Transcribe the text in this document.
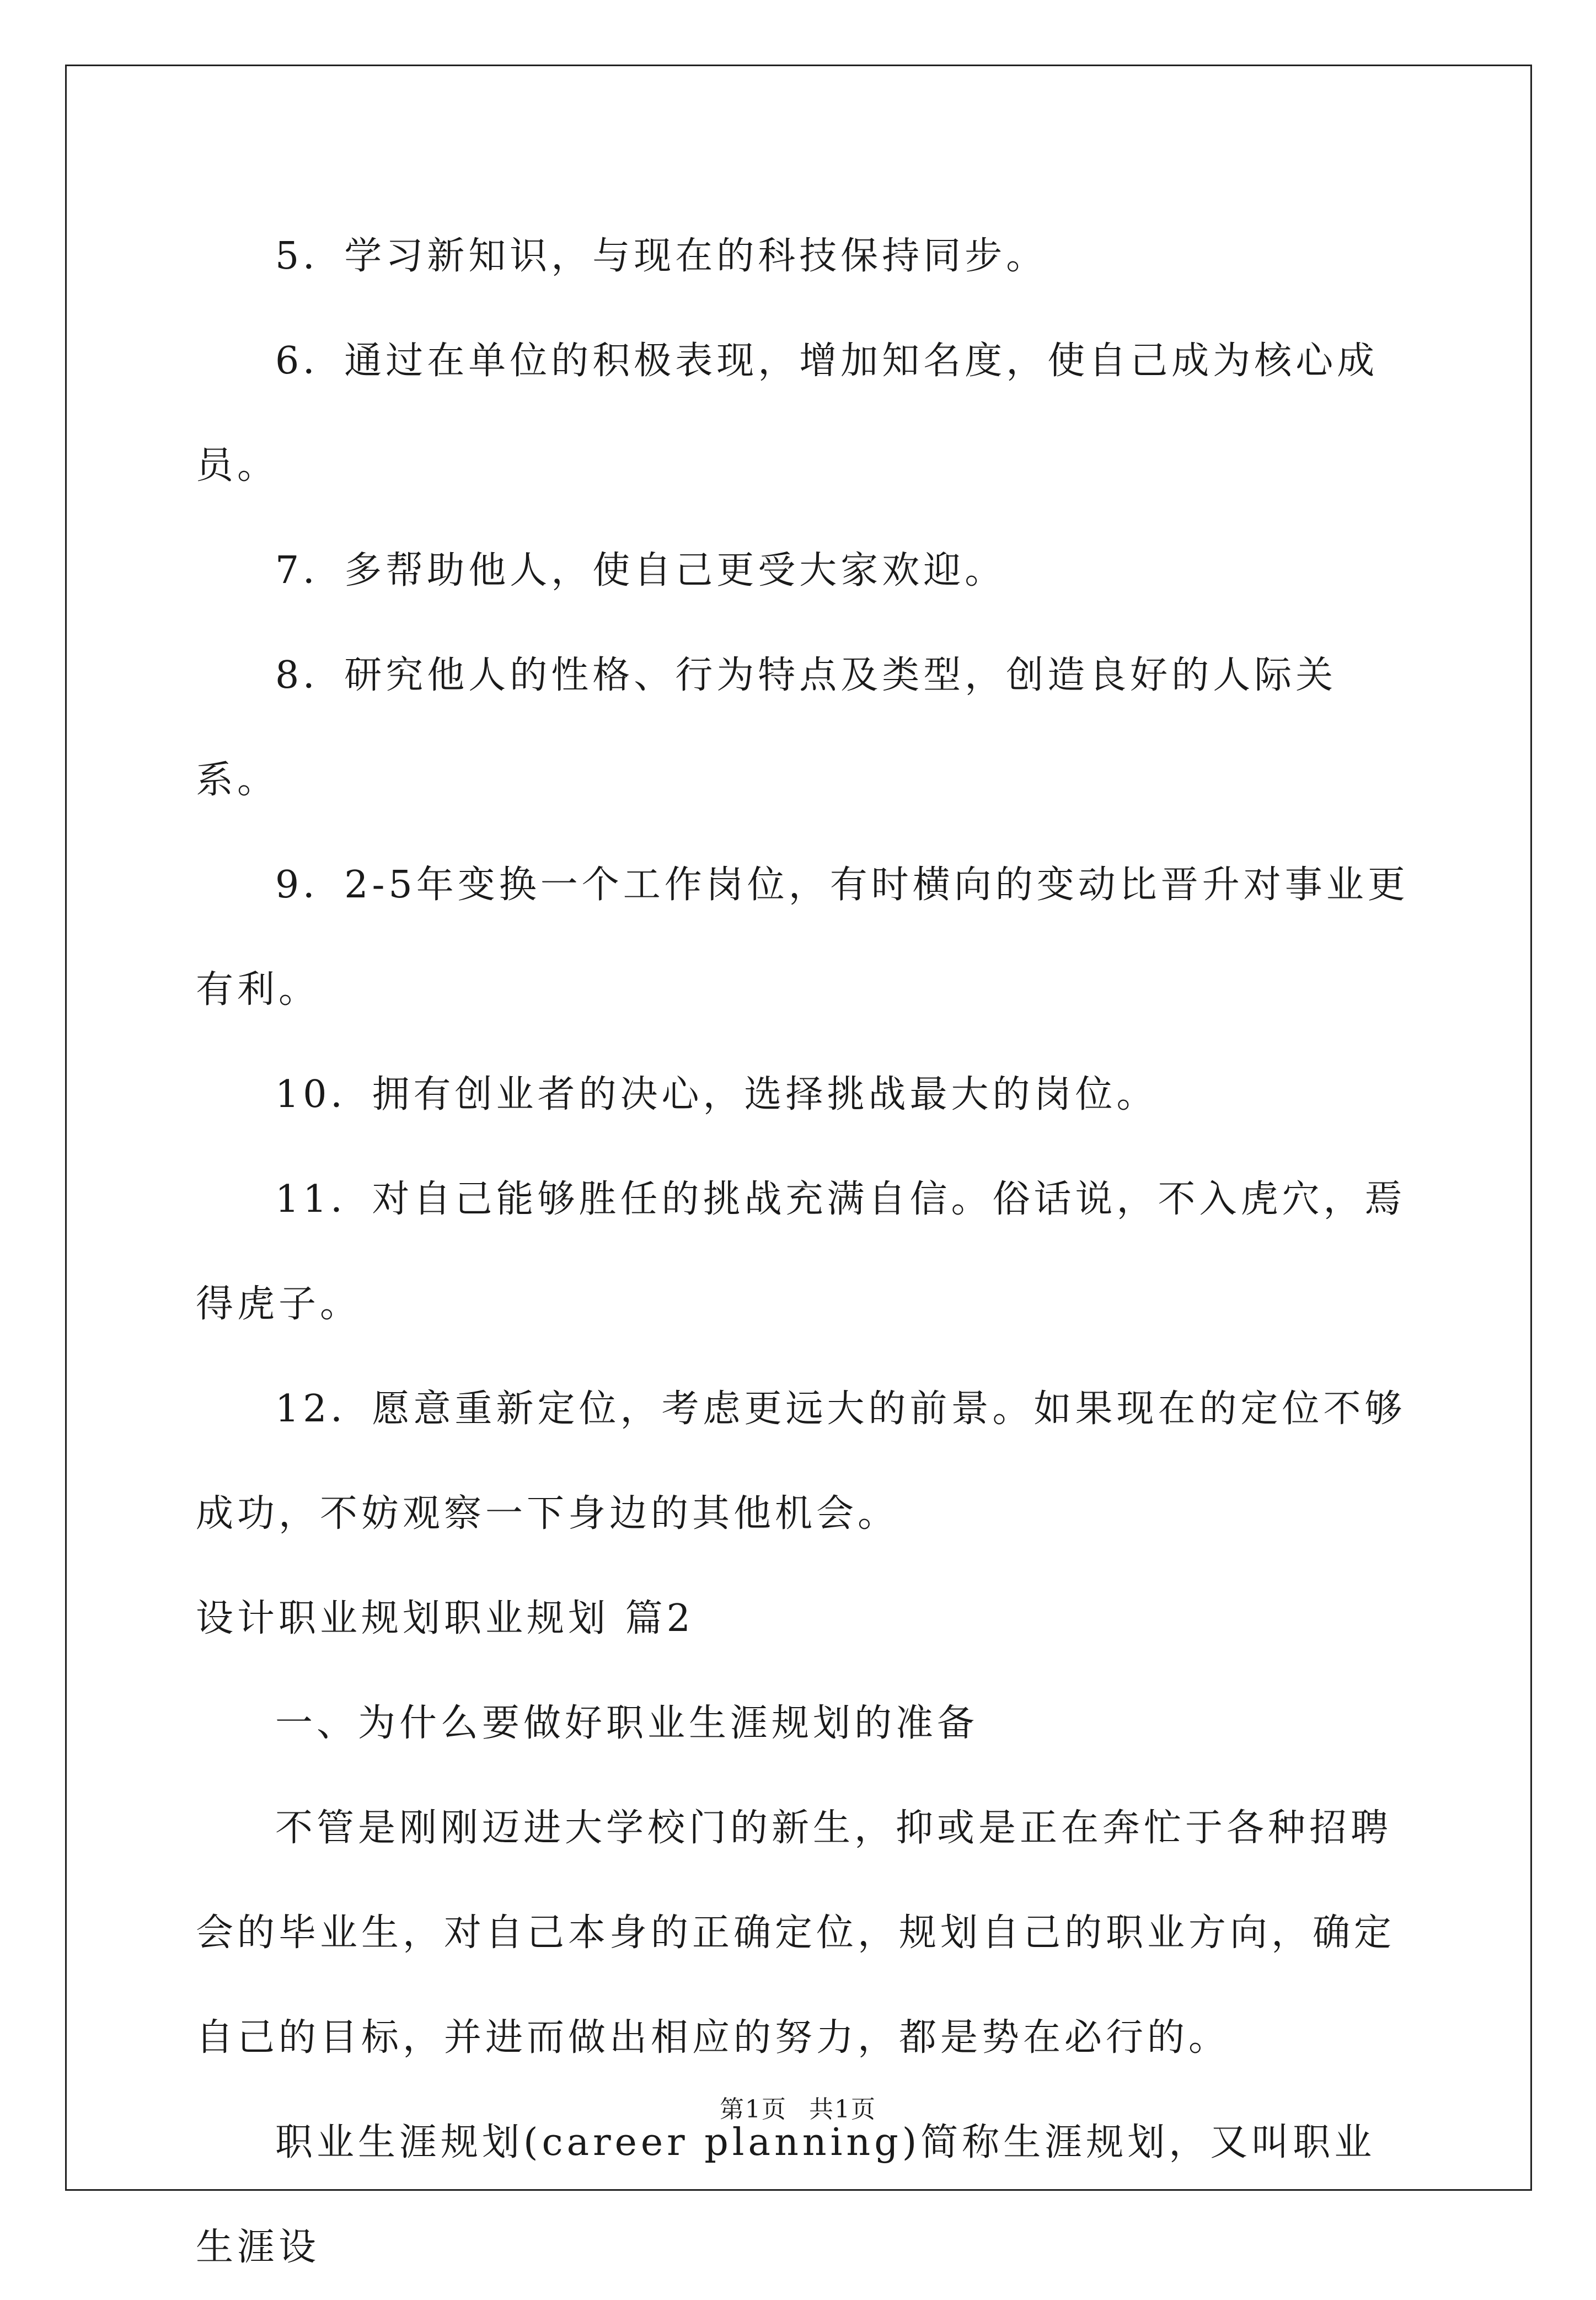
5．学习新知识，与现在的科技保持同步。

6．通过在单位的积极表现，增加知名度，使自己成为核心成员。

7．多帮助他人，使自己更受大家欢迎。

8．研究他人的性格、行为特点及类型，创造良好的人际关系。

9．2-5年变换一个工作岗位，有时横向的变动比晋升对事业更有利。

10．拥有创业者的决心，选择挑战最大的岗位。

11．对自己能够胜任的挑战充满自信。俗话说，不入虎穴，焉得虎子。

12．愿意重新定位，考虑更远大的前景。如果现在的定位不够成功，不妨观察一下身边的其他机会。

设计职业规划职业规划 篇2

一、为什么要做好职业生涯规划的准备

不管是刚刚迈进大学校门的新生，抑或是正在奔忙于各种招聘会的毕业生，对自己本身的正确定位，规划自己的职业方向，确定自己的目标，并进而做出相应的努力，都是势在必行的。

职业生涯规划(career planning)简称生涯规划，又叫职业生涯设

第1页 共1页
